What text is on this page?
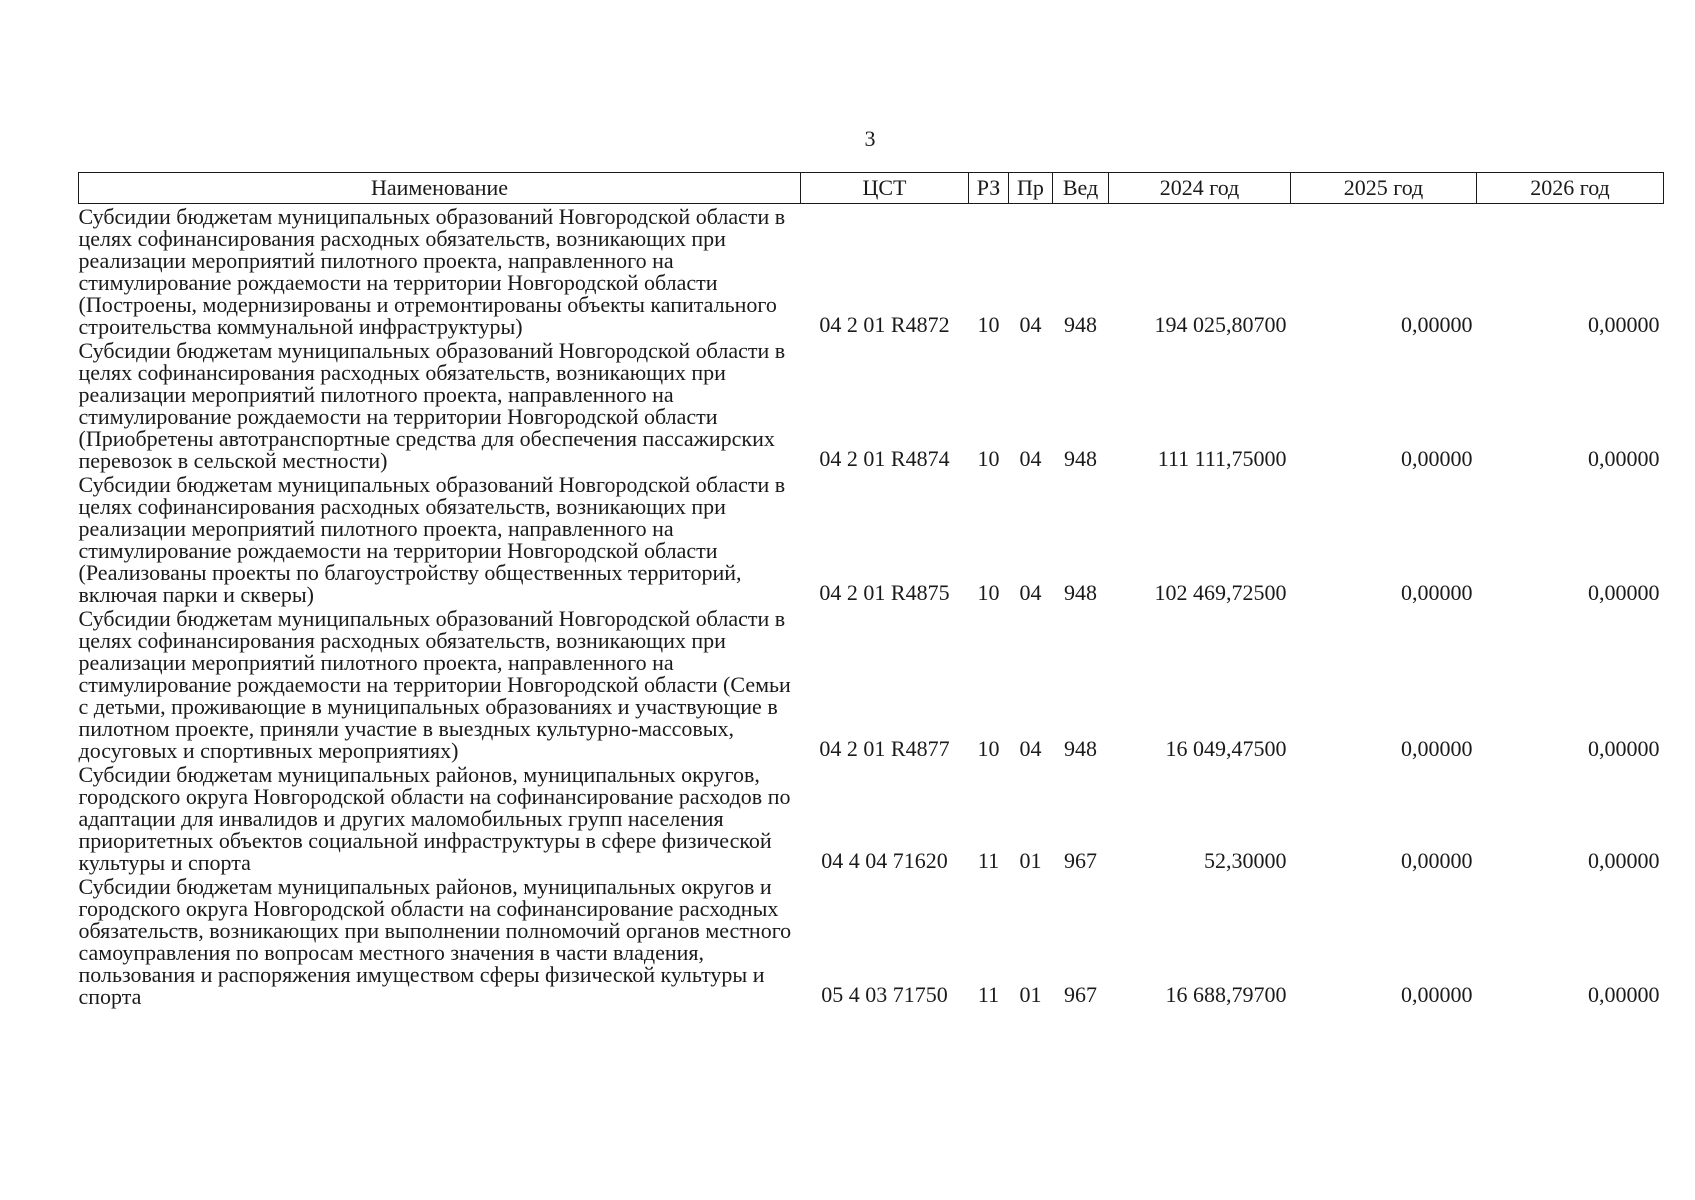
3
Наименование	ЦСТ	РЗ	Пр	Вед	2024 год	2025 год	2026 год
Субсидии бюджетам муниципальных образований Новгородской области в целях софинансирования расходных обязательств, возникающих при реализации мероприятий пилотного проекта, направленного на стимулирование рождаемости на территории Новгородской области (Построены, модернизированы и отремонтированы объекты капитального строительства коммунальной инфраструктуры)	04 2 01 R4872	10	04	948	194 025,80700	0,00000	0,00000
Субсидии бюджетам муниципальных образований Новгородской области в целях софинансирования расходных обязательств, возникающих при реализации мероприятий пилотного проекта, направленного на стимулирование рождаемости на территории Новгородской области (Приобретены автотранспортные средства для обеспечения пассажирских перевозок в сельской местности)	04 2 01 R4874	10	04	948	111 111,75000	0,00000	0,00000
Субсидии бюджетам муниципальных образований Новгородской области в целях софинансирования расходных обязательств, возникающих при реализации мероприятий пилотного проекта, направленного на стимулирование рождаемости на территории Новгородской области (Реализованы проекты по благоустройству общественных территорий, включая парки и скверы)	04 2 01 R4875	10	04	948	102 469,72500	0,00000	0,00000
Субсидии бюджетам муниципальных образований Новгородской области в целях софинансирования расходных обязательств, возникающих при реализации мероприятий пилотного проекта, направленного на стимулирование рождаемости на территории Новгородской области (Семьи с детьми, проживающие в муниципальных образованиях и участвующие в пилотном проекте, приняли участие в выездных культурно-массовых, досуговых и спортивных мероприятиях)	04 2 01 R4877	10	04	948	16 049,47500	0,00000	0,00000
Субсидии бюджетам муниципальных районов, муниципальных округов, городского округа Новгородской области на софинансирование расходов по адаптации для инвалидов и других маломобильных групп населения приоритетных объектов социальной инфраструктуры в сфере физической культуры и спорта	04 4 04 71620	11	01	967	52,30000	0,00000	0,00000
Субсидии бюджетам муниципальных районов, муниципальных округов и городского округа Новгородской области на софинансирование расходных обязательств, возникающих при выполнении полномочий органов местного самоуправления по вопросам местного значения в части владения, пользования и распоряжения имуществом сферы физической культуры и спорта	05 4 03 71750	11	01	967	16 688,79700	0,00000	0,00000
